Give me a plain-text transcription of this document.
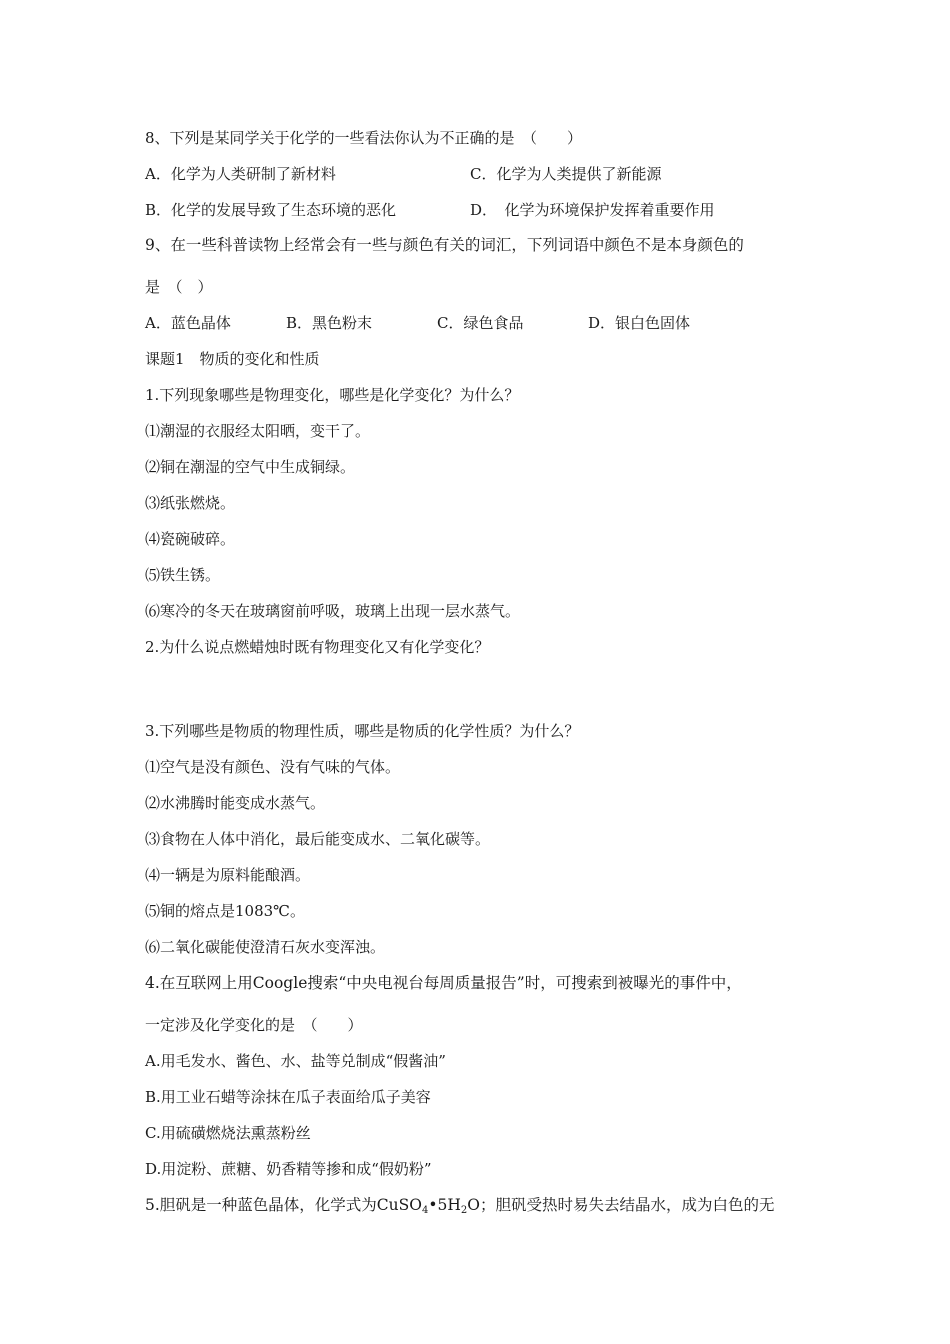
8、下列是某同学关于化学的一些看法你认为不正确的是　（　　）
A．化学为人类研制了新材料	C．化学为人类提供了新能源
B．化学的发展导致了生态环境的恶化	D．　化学为环境保护发挥着重要作用
9、在一些科普读物上经常会有一些与颜色有关的词汇，下列词语中颜色不是本身颜色的
是　（　）
A．蓝色晶体	B．黑色粉末	C．绿色食品	D．银白色固体
课题1　物质的变化和性质
1.下列现象哪些是物理变化，哪些是化学变化？为什么？
⑴潮湿的衣服经太阳晒，变干了。
⑵铜在潮湿的空气中生成铜绿。
⑶纸张燃烧。
⑷瓷碗破碎。
⑸铁生锈。
⑹寒冷的冬天在玻璃窗前呼吸，玻璃上出现一层水蒸气。
2.为什么说点燃蜡烛时既有物理变化又有化学变化？
3.下列哪些是物质的物理性质，哪些是物质的化学性质？为什么？
⑴空气是没有颜色、没有气味的气体。
⑵水沸腾时能变成水蒸气。
⑶食物在人体中消化，最后能变成水、二氧化碳等。
⑷一辆是为原料能酿酒。
⑸铜的熔点是1083℃。
⑹二氧化碳能使澄清石灰水变浑浊。
4.在互联网上用Coogle搜索“中央电视台每周质量报告”时，可搜索到被曝光的事件中，
一定涉及化学变化的是　（　　）
A.用毛发水、酱色、水、盐等兑制成“假酱油”
B.用工业石蜡等涂抹在瓜子表面给瓜子美容
C.用硫磺燃烧法熏蒸粉丝
D.用淀粉、蔗糖、奶香精等掺和成“假奶粉”
5.胆矾是一种蓝色晶体，化学式为$CuSO_4•5H_2O$；胆矾受热时易失去结晶水，成为白色的无
